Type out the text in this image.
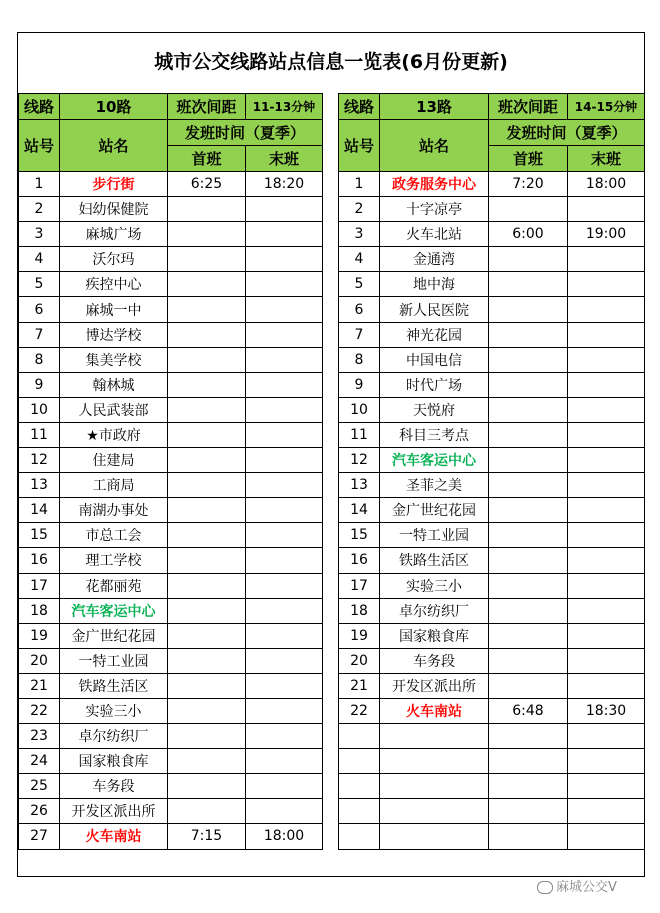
城市公交线路站点信息一览表(6月份更新)
线路	10路	班次间距	11-13分钟
站号	站名	发班时间（夏季）	
		首班	末班
1	步行街	6:25	18:20
2	妇幼保健院		
3	麻城广场		
4	沃尔玛		
5	疾控中心		
6	麻城一中		
7	博达学校		
8	集美学校		
9	翰林城		
10	人民武装部		
11	★市政府		
12	住建局		
13	工商局		
14	南湖办事处		
15	市总工会		
16	理工学校		
17	花都丽苑		
18	汽车客运中心		
19	金广世纪花园		
20	一特工业园		
21	铁路生活区		
22	实验三小		
23	卓尔纺织厂		
24	国家粮食库		
25	车务段		
26	开发区派出所		
27	火车南站	7:15	18:00
线路	13路	班次间距	14-15分钟
站号	站名	发班时间（夏季）	
		首班	末班
1	政务服务中心	7:20	18:00
2	十字凉亭		
3	火车北站	6:00	19:00
4	金通湾		
5	地中海		
6	新人民医院		
7	神光花园		
8	中国电信		
9	时代广场		
10	天悦府		
11	科目三考点		
12	汽车客运中心		
13	圣菲之美		
14	金广世纪花园		
15	一特工业园		
16	铁路生活区		
17	实验三小		
18	卓尔纺织厂		
19	国家粮食库		
20	车务段		
21	开发区派出所		
22	火车南站	6:48	18:30

麻城公交V
